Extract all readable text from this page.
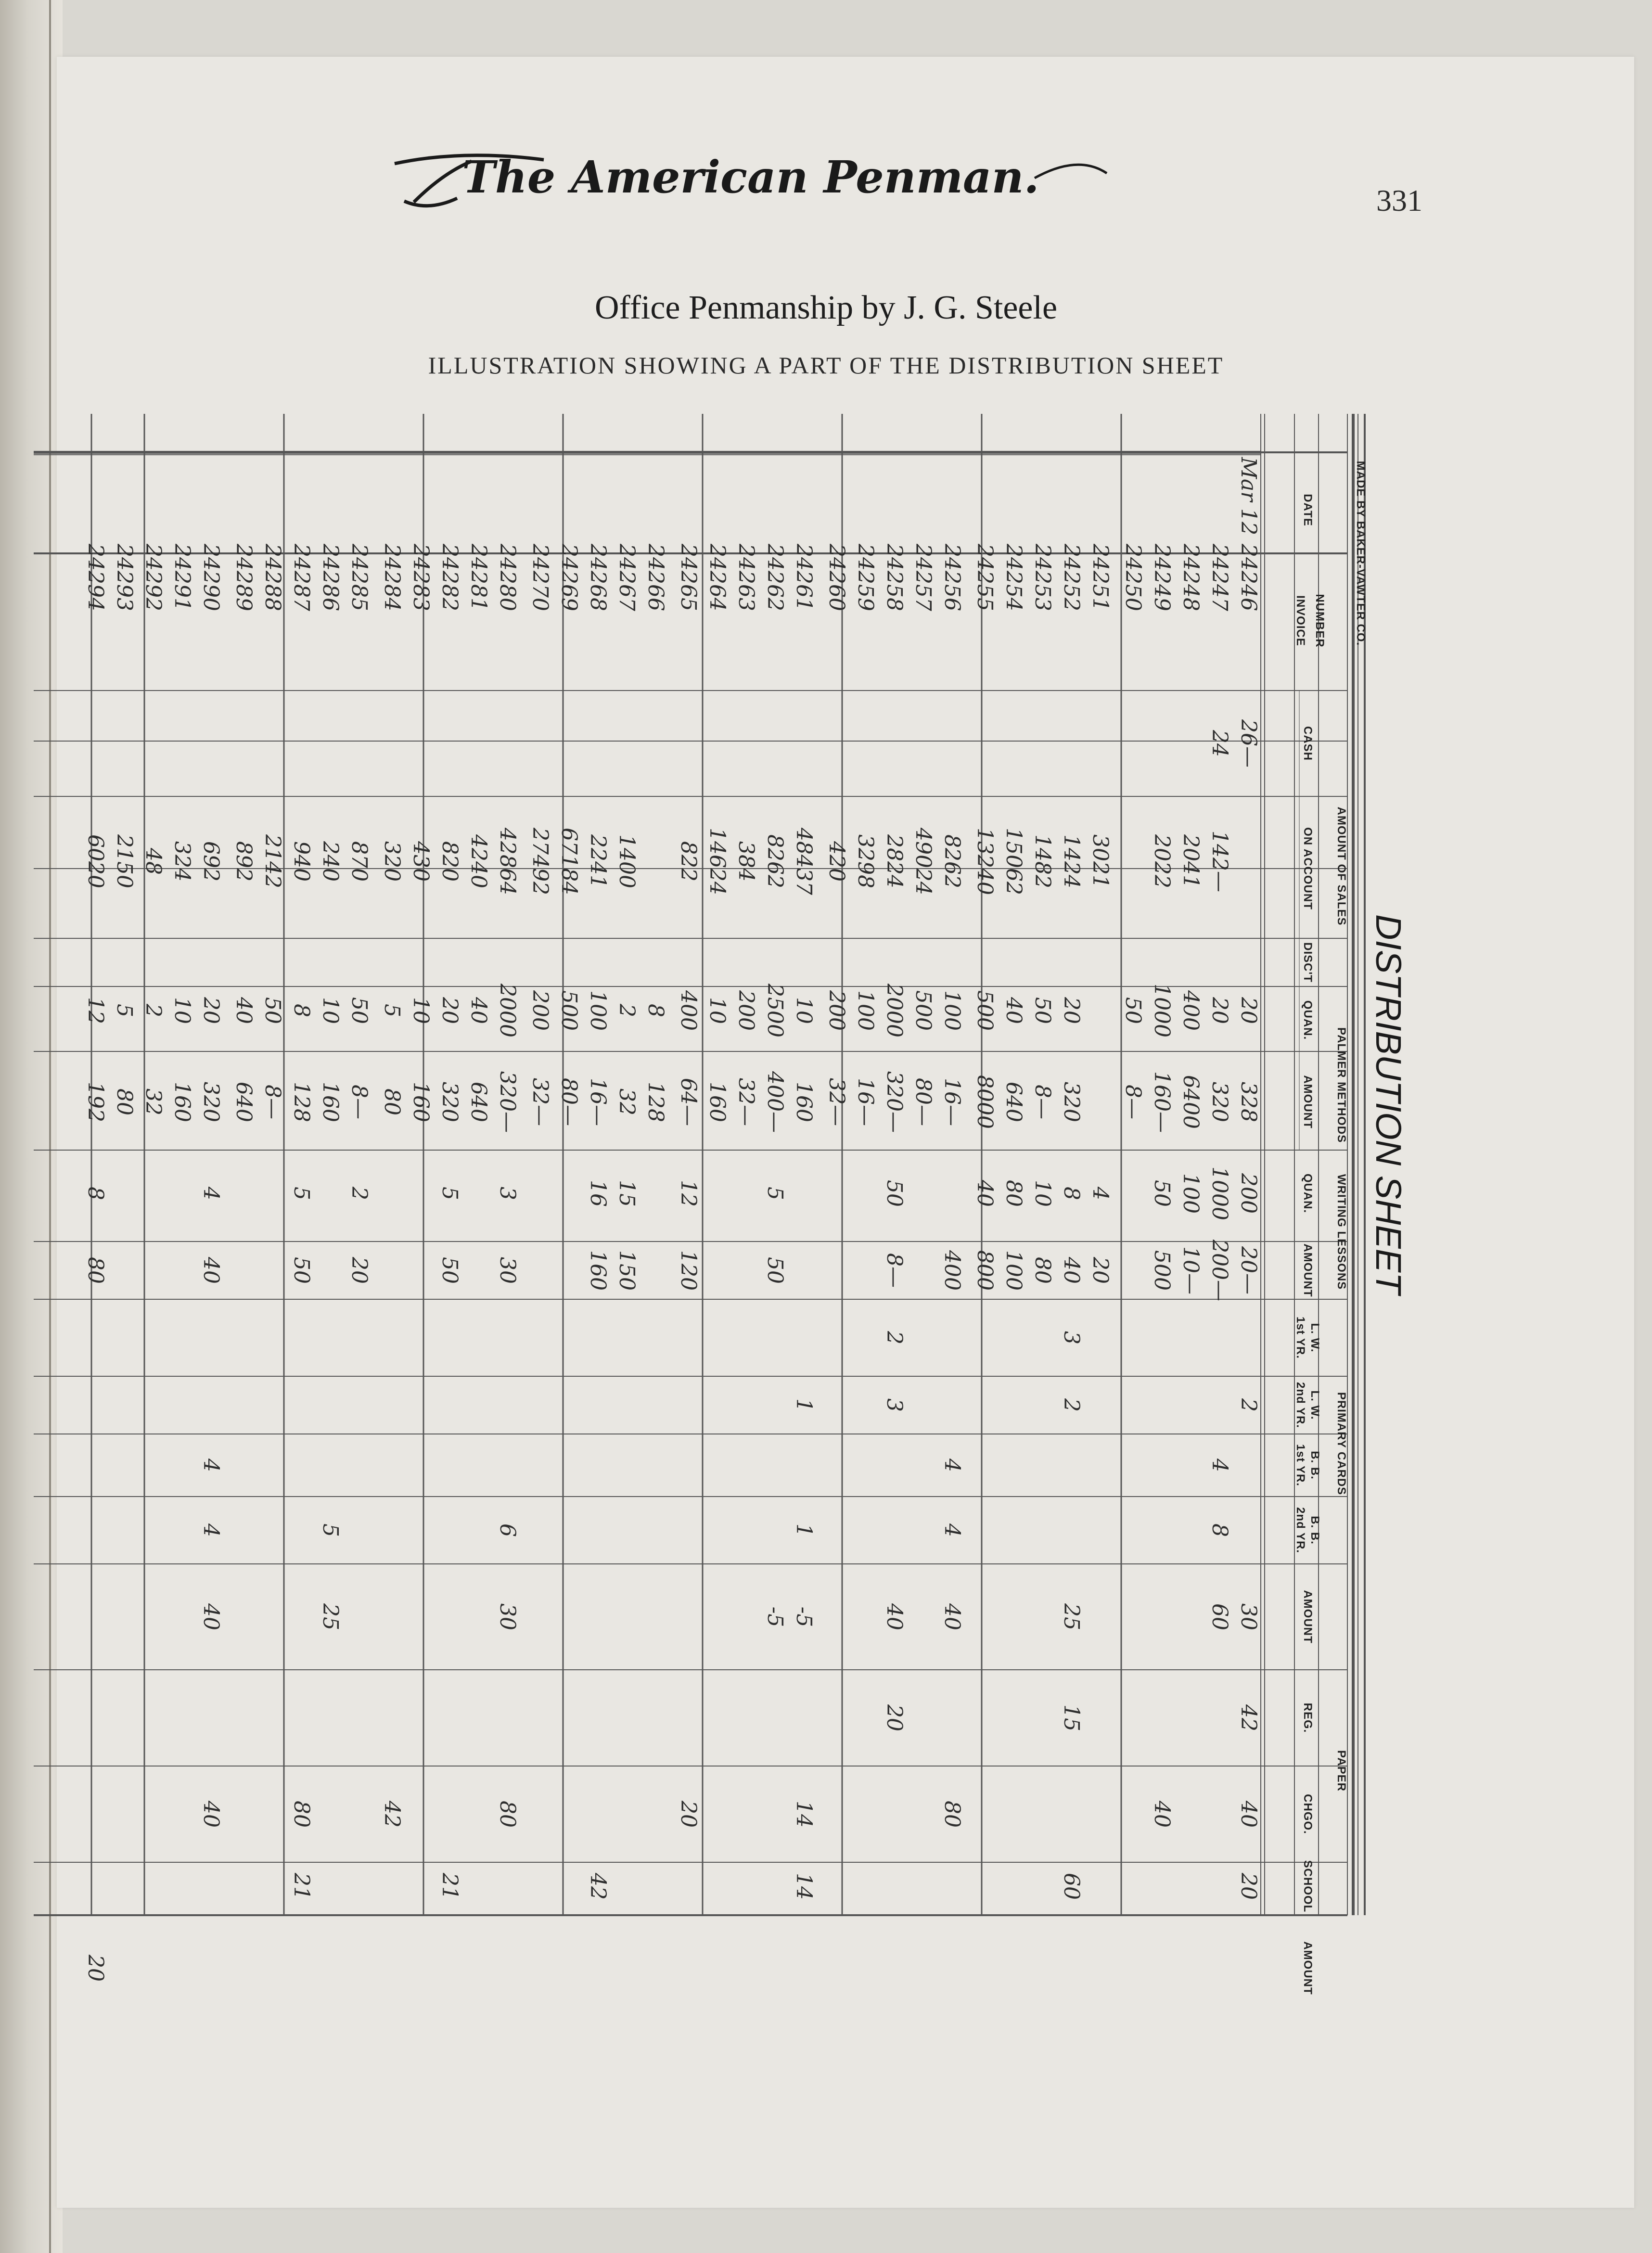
The American Penman.	331
Office Penmanship by J. G. Steele
ILLUSTRATION SHOWING A PART OF THE DISTRIBUTION SHEET
DATE
INVOICE NUMBER
AMOUNT OF SALES
CASH
ON ACCOUNT
DISC'T
PALMER METHODS
QUAN.
AMOUNT
WRITING LESSONS
QUAN.
AMOUNT
PRIMARY CARDS
1st YR. L. W.
2nd YR. L. W.
1st YR. B. B.
2nd YR. B. B.
AMOUNT
PAPER
REG.
CHGO.
SCHOOL
AMOUNT
MADE BY BAKER-VAWTER CO.
DISTRIBUTION SHEET
Mar 12
24246
26—
20
328
200
20—
2
30
42
40
20
24247
24
142—
20
320
1000
200—
4
8
60
24248
2041
400
6400
100
10—
24249
2022
1000
160—
50
500
40
24250
50
8—
24251
3021
4
20
24252
1424
20
320
8
40
3
2
25
15
60
24253
1482
50
8—
10
80
24254
15062
40
640
80
100
24255
13240
500
8000
40
800
24256
8262
100
16—
400
4
4
40
80
24257
49024
500
80—
24258
2824
2000
320—
50
8—
2
3
40
20
24259
3298
100
16—
24260
420
200
32—
24261
48437
10
160
1
1
-5
14
14
24262
8262
2500
400—
5
50
-5
24263
384
200
32—
24264
14624
10
160
24265
822
400
64—
12
120
20
24266
8
128
24267
1400
2
32
15
150
24268
2241
100
16—
16
160
42
24269
67184
500
80—
24270
27492
200
32—
24280
42864
2000
320—
3
30
6
30
80
24281
4240
40
640
24282
820
20
320
5
50
21
24283
430
10
160
24284
320
5
80
42
24285
870
50
8—
2
20
24286
240
10
160
5
25
24287
940
8
128
5
50
80
21
24288
2142
50
8—
24289
892
40
640
24290
692
20
320
4
40
4
4
40
40
24291
324
10
160
24292
48
2
32
24293
2150
5
80
24294
6020
12
192
8
80
20
